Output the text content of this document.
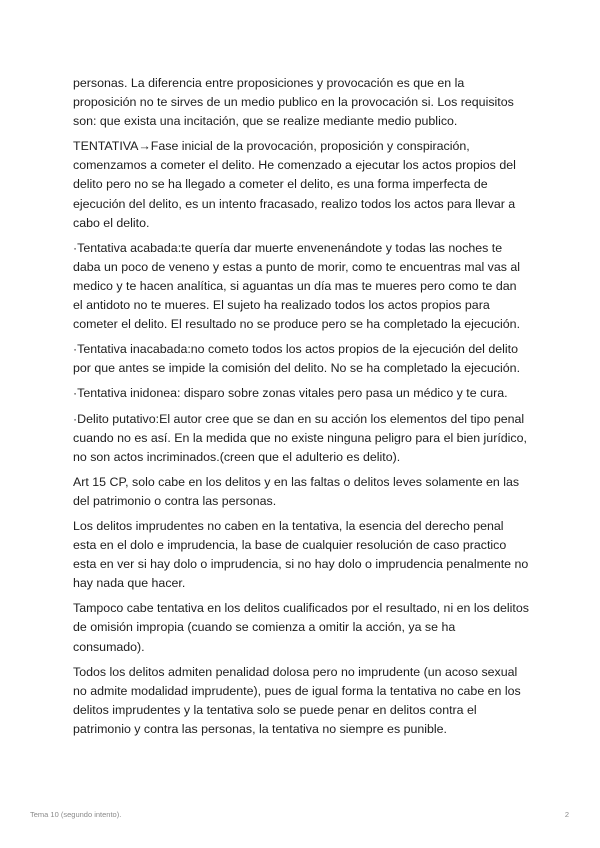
personas. La diferencia entre proposiciones y provocación es que en la proposición no te sirves de un medio publico en la provocación si. Los requisitos son: que exista una incitación, que se realize mediante medio publico.

TENTATIVA→Fase inicial de la provocación, proposición y conspiración, comenzamos a cometer el delito. He comenzado a ejecutar los actos propios del delito pero no se ha llegado a cometer el delito, es una forma imperfecta de ejecución del delito, es un intento fracasado, realizo todos los actos para llevar a cabo el delito.

·Tentativa acabada:te quería dar muerte envenenándote y todas las noches te daba un poco de veneno y estas a punto de morir, como te encuentras mal vas al medico y te hacen analítica, si aguantas un día mas te mueres pero como te dan el antidoto no te mueres. El sujeto ha realizado todos los actos propios para cometer el delito. El resultado no se produce pero se ha completado la ejecución.

·Tentativa inacabada:no cometo todos los actos propios de la ejecución del delito por que antes se impide la comisión del delito. No se ha completado la ejecución.

·Tentativa inidonea: disparo sobre zonas vitales pero pasa un médico y te cura.

·Delito putativo:El autor cree que se dan en su acción los elementos del tipo penal cuando no es así. En la medida que no existe ninguna peligro para el bien jurídico, no son actos incriminados.(creen que el adulterio es delito).

Art 15 CP, solo cabe en los delitos y en las faltas o delitos leves solamente en las del patrimonio o contra las personas.

Los delitos imprudentes no caben en la tentativa, la esencia del derecho penal esta en el dolo e imprudencia, la base de cualquier resolución de caso practico esta en ver si hay dolo o imprudencia, si no hay dolo o imprudencia penalmente no hay nada que hacer.

Tampoco cabe tentativa en los delitos cualificados por el resultado, ni en los delitos de omisión impropia (cuando se comienza a omitir la acción, ya se ha consumado).

Todos los delitos admiten penalidad dolosa pero no imprudente (un acoso sexual no admite modalidad imprudente), pues de igual forma la tentativa no cabe en los delitos imprudentes y la tentativa solo se puede penar en delitos contra el patrimonio y contra las personas, la tentativa no siempre es punible.

Tema 10 (segundo intento).	2
